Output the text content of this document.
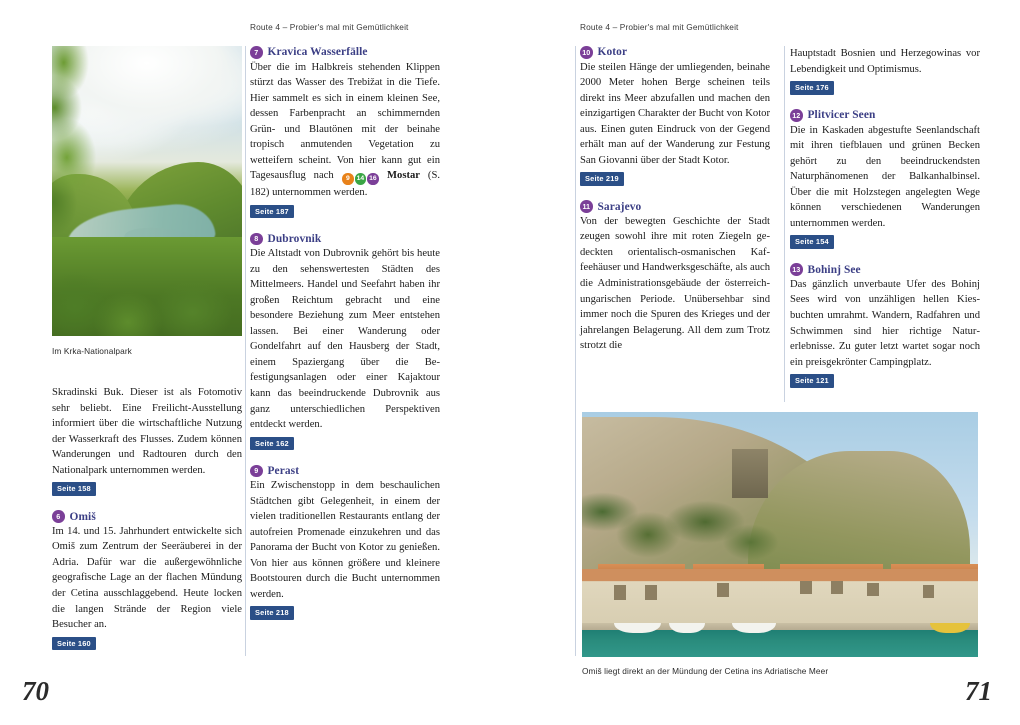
Route 4 – Probier's mal mit Gemütlichkeit	Route 4 – Probier's mal mit Gemütlichkeit
Im Krka-Nationalpark

Skradinski Buk. Dieser ist als Fotomotiv sehr beliebt. Eine Freilicht-Ausstellung informiert über die wirtschaftliche Nutzung der Wasserkraft des Flusses. Zudem können Wanderungen und Radtouren durch den Nationalpark unternommen werden.

Seite 158
6 Omiš

Im 14. und 15. Jahrhundert entwickelte sich Omiš zum Zentrum der Seeräuberei in der Adria. Dafür war die außergewöhnliche geografische Lage an der flachen Mündung der Cetina ausschlaggebend. Heute locken die langen Strände der Region viele Besucher an.

Seite 160
7 Kravica Wasserfälle

Über die im Halbkreis stehenden Klippen stürzt das Wasser des Trebižat in die Tiefe. Hier sammelt es sich in einem kleinen See, dessen Farbenpracht an schimmernden Grün- und Blautönen mit der beinahe tropisch anmutenden Vegetation zu wetteifern scheint. Von hier kann gut ein Tagesausflug nach 9 14 16 Mostar (S. 182) unternommen werden.

Seite 187
8 Dubrovnik

Die Altstadt von Dubrovnik gehört bis heute zu den sehenswertesten Städten des Mittelmeers. Handel und Seefahrt haben ihr großen Reichtum gebracht und eine besondere Beziehung zum Meer entstehen lassen. Bei einer Wanderung oder Gondelfahrt auf den Hausberg der Stadt, einem Spaziergang über die Befestigungsanlagen oder einer Kajaktour kann das beeindruckende Dubrovnik aus ganz unterschiedlichen Perspektiven entdeckt werden.

Seite 162
9 Perast

Ein Zwischenstopp in dem beschaulichen Städtchen gibt Gelegenheit, in einem der vielen traditionellen Restaurants entlang der autofreien Promenade einzukehren und das Panorama der Bucht von Kotor zu genießen. Von hier aus können größere und kleinere Bootstouren durch die Bucht unternommen werden.

Seite 218
10 Kotor

Die steilen Hänge der umliegenden, beinahe 2000 Meter hohen Berge scheinen teils direkt ins Meer abzufallen und machen den einzigartigen Charakter der Bucht von Kotor aus. Einen guten Eindruck von der Gegend erhält man auf der Wanderung zur Festung San Giovanni über der Stadt Kotor.

Seite 219
11 Sarajevo

Von der bewegten Geschichte der Stadt zeugen sowohl ihre mit roten Ziegeln gedeckten orientalisch-osmanischen Kaffeehäuser und Handwerksgeschäfte, als auch die Administrationsgebäude der österreich-ungarischen Periode. Unübersehbar sind immer noch die Spuren des Krieges und der jahrelangen Belagerung. All dem zum Trotz strotzt die

Hauptstadt Bosnien und Herzegowinas vor Lebendigkeit und Optimismus.

Seite 176
12 Plitvicer Seen

Die in Kaskaden abgestufte Seenlandschaft mit ihren tiefblauen und grünen Becken gehört zu den beeindruckendsten Naturphänomenen der Balkanhalbinsel. Über die mit Holzstegen angelegten Wege können verschiedenen Wanderungen unternommen werden.

Seite 154
13 Bohinj See

Das gänzlich unverbaute Ufer des Bohinj Sees wird von unzähligen hellen Kiesbuchten umrahmt. Wandern, Radfahren und Schwimmen sind hier richtige Naturerlebnisse. Zu guter letzt wartet sogar noch ein preisgekrönter Campingplatz.

Seite 121
Omiš liegt direkt an der Mündung der Cetina ins Adriatische Meer
70	71
